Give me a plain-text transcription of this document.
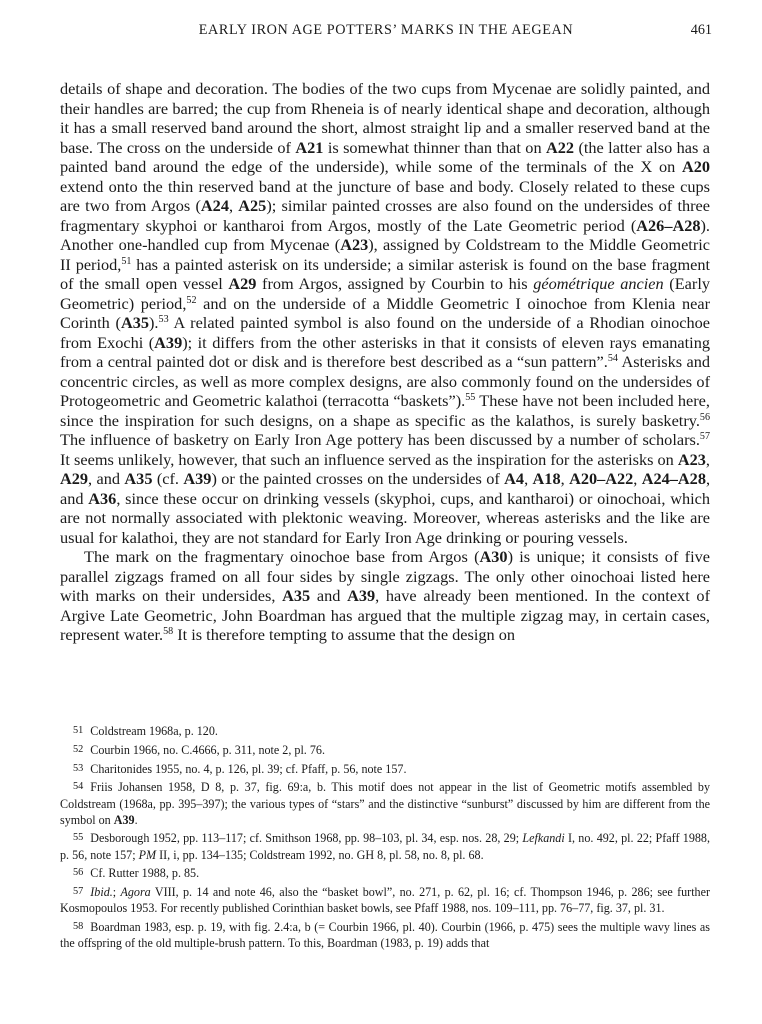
EARLY IRON AGE POTTERS’ MARKS IN THE AEGEAN	461

details of shape and decoration. The bodies of the two cups from Mycenae are solidly painted, and their handles are barred; the cup from Rheneia is of nearly identical shape and decoration, although it has a small reserved band around the short, almost straight lip and a smaller reserved band at the base. The cross on the underside of A21 is somewhat thinner than that on A22 (the latter also has a painted band around the edge of the underside), while some of the terminals of the X on A20 extend onto the thin reserved band at the juncture of base and body. Closely related to these cups are two from Argos (A24, A25); similar painted crosses are also found on the undersides of three fragmentary skyphoi or kantharoi from Argos, mostly of the Late Geometric period (A26–A28). Another one-handled cup from Mycenae (A23), assigned by Coldstream to the Middle Geometric II period,$^{51}$ has a painted asterisk on its underside; a similar asterisk is found on the base fragment of the small open vessel A29 from Argos, assigned by Courbin to his géométrique ancien (Early Geometric) period,$^{52}$ and on the underside of a Middle Geometric I oinochoe from Klenia near Corinth (A35).$^{53}$ A related painted symbol is also found on the underside of a Rhodian oinochoe from Exochi (A39); it differs from the other asterisks in that it consists of eleven rays emanating from a central painted dot or disk and is therefore best described as a “sun pattern”.$^{54}$ Asterisks and concentric circles, as well as more complex designs, are also commonly found on the undersides of Protogeometric and Geometric kalathoi (terracotta “baskets”).$^{55}$ These have not been included here, since the inspiration for such designs, on a shape as specific as the kalathos, is surely basketry.$^{56}$ The influence of basketry on Early Iron Age pottery has been discussed by a number of scholars.$^{57}$ It seems unlikely, however, that such an influence served as the inspiration for the asterisks on A23, A29, and A35 (cf. A39) or the painted crosses on the undersides of A4, A18, A20–A22, A24–A28, and A36, since these occur on drinking vessels (skyphoi, cups, and kantharoi) or oinochoai, which are not normally associated with plektonic weaving. Moreover, whereas asterisks and the like are usual for kalathoi, they are not standard for Early Iron Age drinking or pouring vessels.

The mark on the fragmentary oinochoe base from Argos (A30) is unique; it consists of five parallel zigzags framed on all four sides by single zigzags. The only other oinochoai listed here with marks on their undersides, A35 and A39, have already been mentioned. In the context of Argive Late Geometric, John Boardman has argued that the multiple zigzag may, in certain cases, represent water.$^{58}$ It is therefore tempting to assume that the design on

51 Coldstream 1968a, p. 120.

52 Courbin 1966, no. C.4666, p. 311, note 2, pl. 76.

53 Charitonides 1955, no. 4, p. 126, pl. 39; cf. Pfaff, p. 56, note 157.

54 Friis Johansen 1958, D 8, p. 37, fig. 69:a, b. This motif does not appear in the list of Geometric motifs assembled by Coldstream (1968a, pp. 395–397); the various types of “stars” and the distinctive “sunburst” discussed by him are different from the symbol on A39.

55 Desborough 1952, pp. 113–117; cf. Smithson 1968, pp. 98–103, pl. 34, esp. nos. 28, 29; Lefkandi I, no. 492, pl. 22; Pfaff 1988, p. 56, note 157; PM II, i, pp. 134–135; Coldstream 1992, no. GH 8, pl. 58, no. 8, pl. 68.

56 Cf. Rutter 1988, p. 85.

57 Ibid.; Agora VIII, p. 14 and note 46, also the “basket bowl”, no. 271, p. 62, pl. 16; cf. Thompson 1946, p. 286; see further Kosmopoulos 1953. For recently published Corinthian basket bowls, see Pfaff 1988, nos. 109–111, pp. 76–77, fig. 37, pl. 31.

58 Boardman 1983, esp. p. 19, with fig. 2.4:a, b (= Courbin 1966, pl. 40). Courbin (1966, p. 475) sees the multiple wavy lines as the offspring of the old multiple-brush pattern. To this, Boardman (1983, p. 19) adds that
